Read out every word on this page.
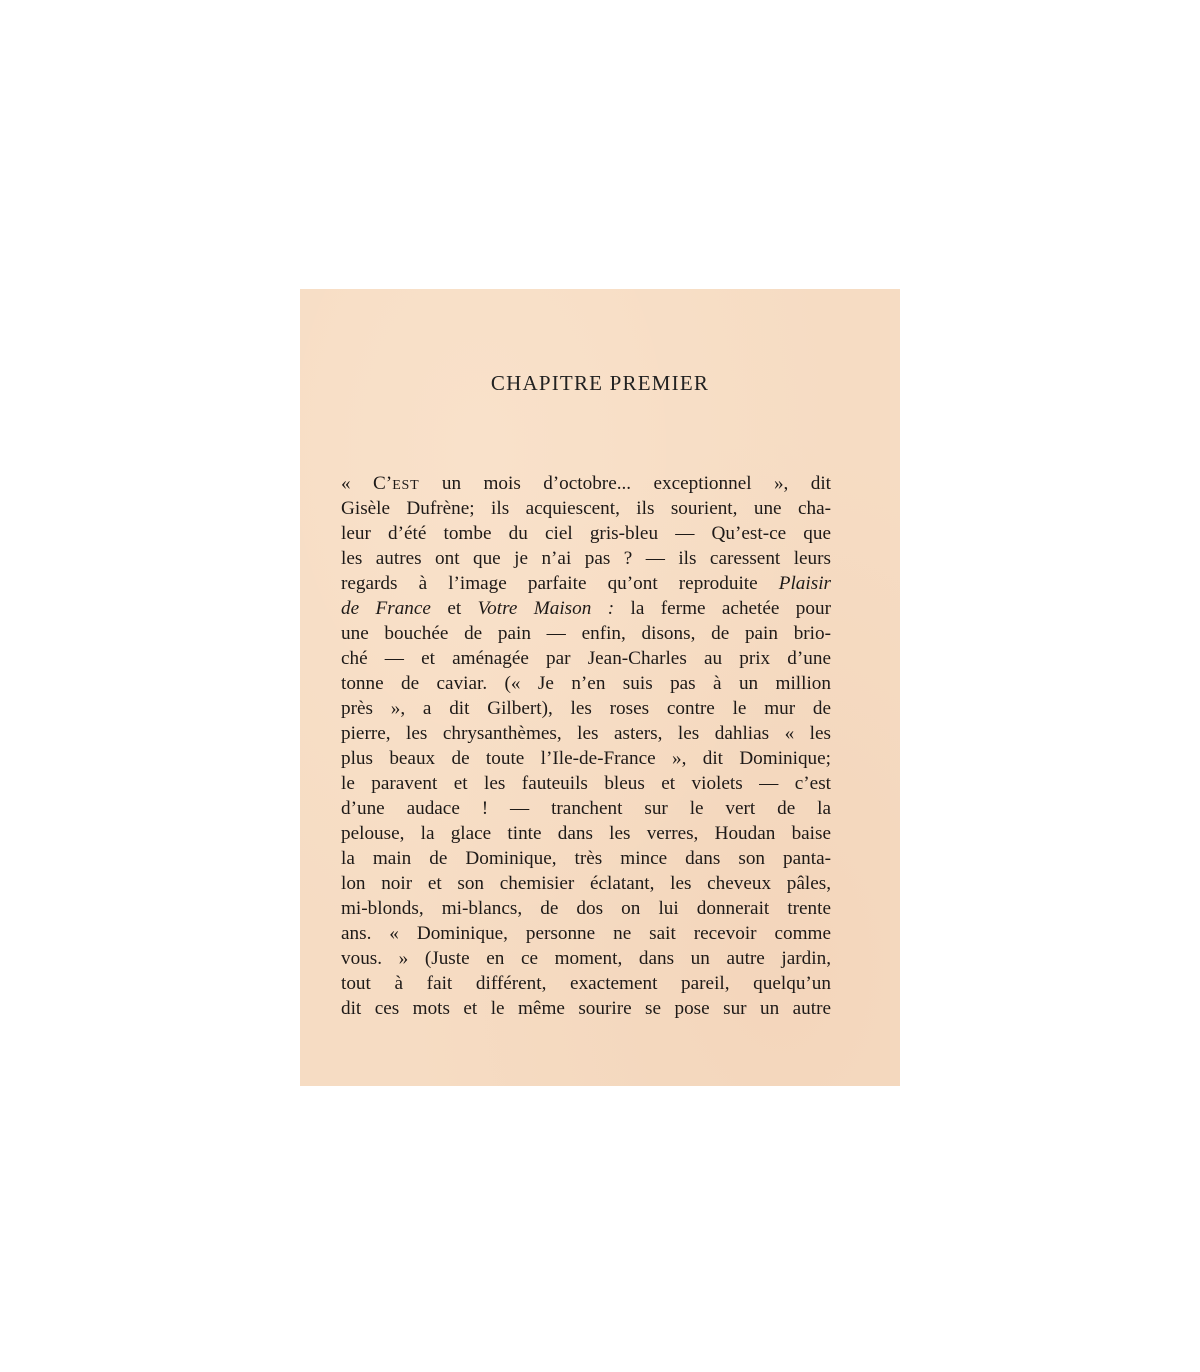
CHAPITRE PREMIER
« C’EST un mois d’octobre... exceptionnel », dit
Gisèle Dufrène; ils acquiescent, ils sourient, une cha-
leur d’été tombe du ciel gris-bleu — Qu’est-ce que
les autres ont que je n’ai pas ? — ils caressent leurs
regards à l’image parfaite qu’ont reproduite Plaisir
de France et Votre Maison : la ferme achetée pour
une bouchée de pain — enfin, disons, de pain brio-
ché — et aménagée par Jean-Charles au prix d’une
tonne de caviar. (« Je n’en suis pas à un million
près », a dit Gilbert), les roses contre le mur de
pierre, les chrysanthèmes, les asters, les dahlias « les
plus beaux de toute l’Ile-de-France », dit Dominique;
le paravent et les fauteuils bleus et violets — c’est
d’une audace ! — tranchent sur le vert de la
pelouse, la glace tinte dans les verres, Houdan baise
la main de Dominique, très mince dans son panta-
lon noir et son chemisier éclatant, les cheveux pâles,
mi-blonds, mi-blancs, de dos on lui donnerait trente
ans. « Dominique, personne ne sait recevoir comme
vous. » (Juste en ce moment, dans un autre jardin,
tout à fait différent, exactement pareil, quelqu’un
dit ces mots et le même sourire se pose sur un autre
